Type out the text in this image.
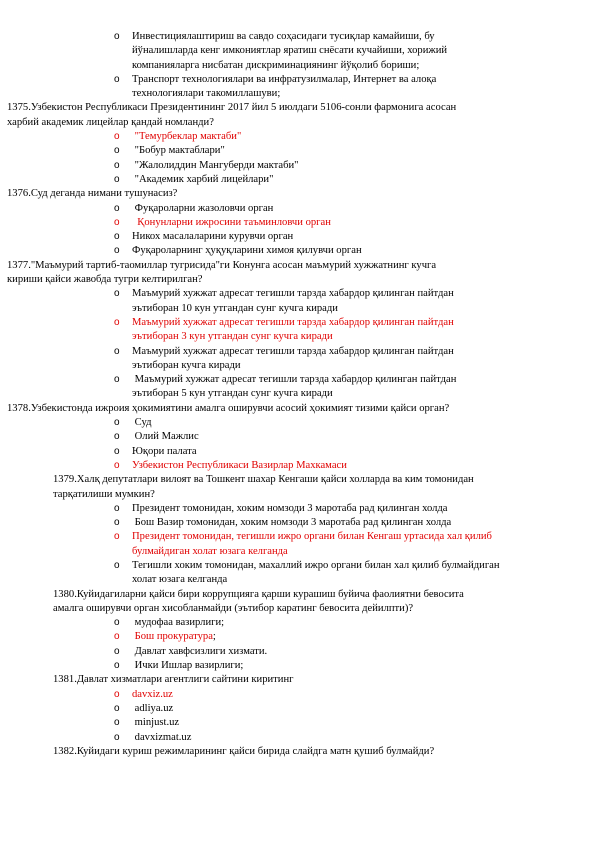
o Инвестициялаштириш ва савдо соҳасидаги тусиқлар камайиши, бу
йўналишларда кенг имкониятлар яратиш снёсати кучайиши, хорижий
компанияларга нисбатан дискриминациянинг йўқолиб бориши;
o Транспорт технологиялари ва инфратузилмалар, Интернет ва алоқа
технологиялари такомиллашуви;
1375.Узбекистон Республикаси Президентининг 2017 йил 5 июлдаги 5106-сонли фармонига асосан
харбий академик лицейлар қандай номланди?
o "Темурбеклар мактаби"
o "Бобур мактаблари"
o "Жалолиддин Мангуберди мактаби"
o "Академик харбий лицейлари"
1376.Суд деганда нимани тушунасиз?
o Фуқароларни жазоловчи орган
o Қонунларни ижросини таъминловчи орган
o Никох масалаларини курувчи орган
o Фуқароларнинг ҳуқуқларини химоя қилувчи орган
1377."Маъмурий тартиб-таомиллар тугрисида"ги Конунга асосан маъмурий хужжатнинг кучга
кириши қайси жавобда тугри келтирилган?
o Маъмурий хужжат адресат тегишли тарзда хабардор қилинган пайтдан
эътиборан 10 кун утгандан сунг кучга киради
o Маъмурий хужжат адресат тегишли тарзда хабардор қилинган пайтдан
эътиборан 3 кун утгандан сунг кучга киради
o Маъмурий хужжат адресат тегишли тарзда хабардор қилинган пайтдан
эътиборан кучга киради
o Маъмурий хужжат адресат тегишли тарзда хабардор қилинган пайтдан
эътиборан 5 кун утгандан сунг кучга киради
1378.Узбекистонда ижроия ҳокимиятини амалга оширувчи асосий ҳокимият тизими қайси орган?
o Суд
o Олий Мажлис
o Юқори палата
o Узбекистон Республикаси Вазирлар Махкамаси
1379.Халқ депутатлари вилоят ва Тошкент шахар Кенгаши қайси холларда ва ким томонидан
тарқатилиши мумкин?
o Президент томонидан, хоким номзоди 3 маротаба рад қилинган холда
o Бош Вазир томонидан, хоким номзоди 3 маротаба рад қилинган холда
o Президент томонидан, тегишли ижро органи билан Кенгаш уртасида хал қилиб
булмайдиган холат юзага келганда
o Тегишли хоким томонидан, махаллий ижро органи билан хал қилиб булмайдиган
холат юзага келганда
1380.Куйидагиларни қайси бири коррупцияга қарши курашиш буйича фаолиятни бевосита
амалга оширувчи орган хисобланмайди (эътибор каратинг бевосита дейилпти)?
o мудофаа вазирлиги;
o Бош прокуратура;
o Давлат хавфсизлиги хизмати.
o Ички Ишлар вазирлиги;
1381.Давлат хизматлари агентлиги сайтини киритинг
o davxiz.uz
o adliya.uz
o minjust.uz
o davxizmat.uz
1382.Куйидаги куриш режимларининг қайси бирида слайдга матн қушиб булмайди?
